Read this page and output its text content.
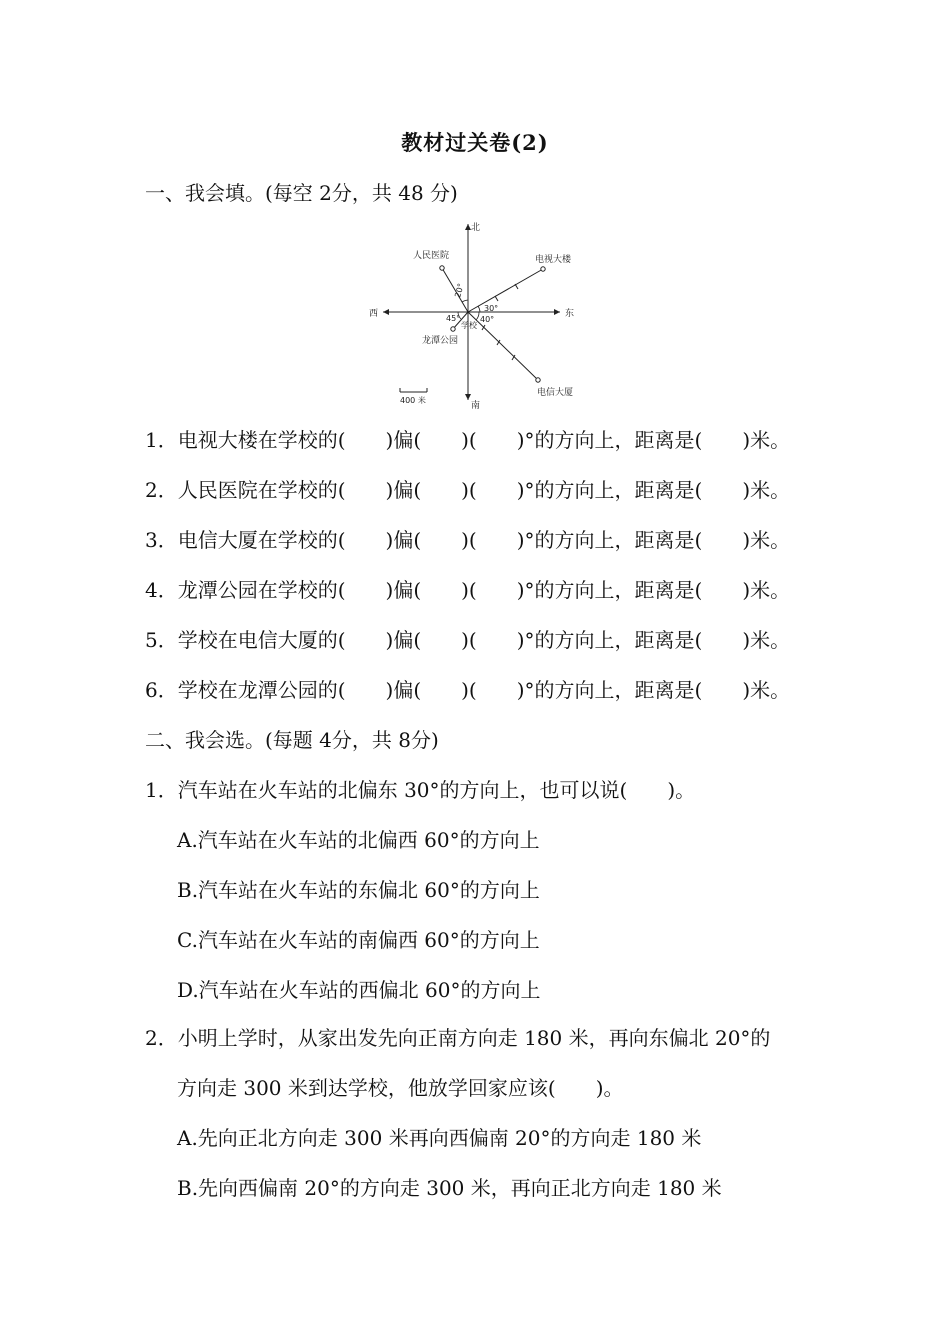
教材过关卷(2)
一、我会填。(每空 2分，共 48 分)
北
南
东
西
人民医院	电视大楼
学校
龙潭公园
电信大厦
20°
30°
40°
45°
400 米
1．电视大楼在学校的(　　)偏(　　)(　　)°的方向上，距离是(　　)米。
2．人民医院在学校的(　　)偏(　　)(　　)°的方向上，距离是(　　)米。
3．电信大厦在学校的(　　)偏(　　)(　　)°的方向上，距离是(　　)米。
4．龙潭公园在学校的(　　)偏(　　)(　　)°的方向上，距离是(　　)米。
5．学校在电信大厦的(　　)偏(　　)(　　)°的方向上，距离是(　　)米。
6．学校在龙潭公园的(　　)偏(　　)(　　)°的方向上，距离是(　　)米。
二、我会选。(每题 4分，共 8分)
1．汽车站在火车站的北偏东 30°的方向上，也可以说(　　)。
A.汽车站在火车站的北偏西 60°的方向上
B.汽车站在火车站的东偏北 60°的方向上
C.汽车站在火车站的南偏西 60°的方向上
D.汽车站在火车站的西偏北 60°的方向上
2．小明上学时，从家出发先向正南方向走 180 米，再向东偏北 20°的
方向走 300 米到达学校，他放学回家应该(　　)。
A.先向正北方向走 300 米再向西偏南 20°的方向走 180 米
B.先向西偏南 20°的方向走 300 米，再向正北方向走 180 米
